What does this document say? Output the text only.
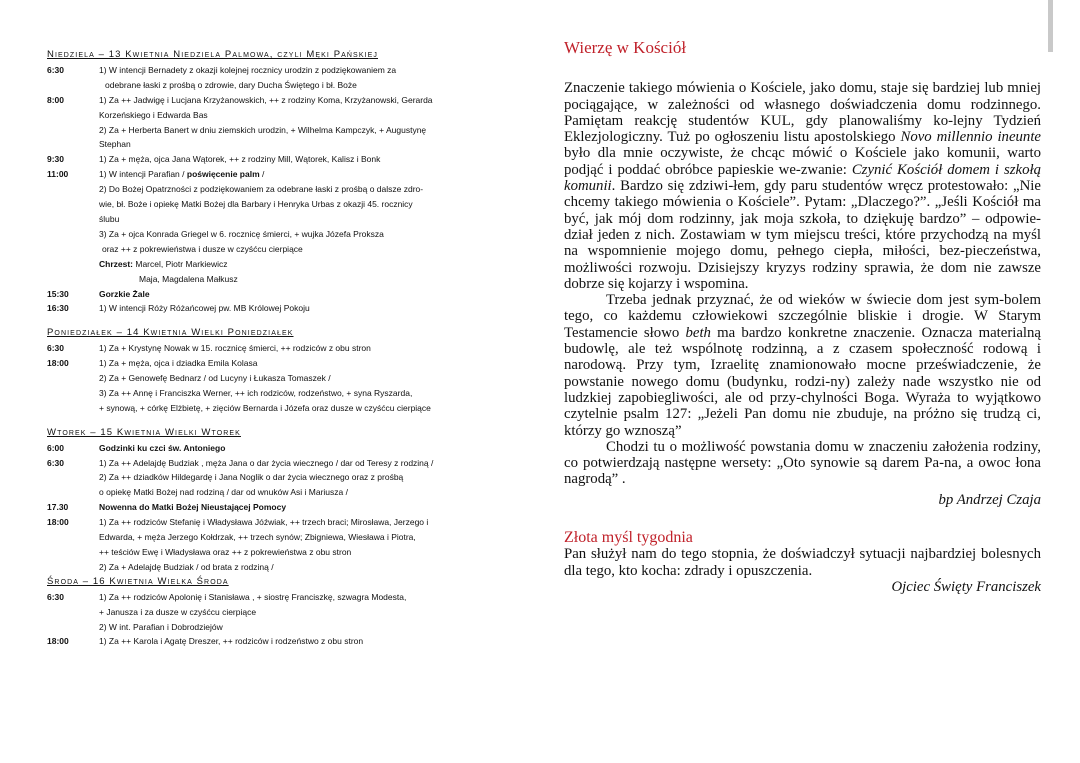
Niedziela – 13 Kwietnia Niedziela Palmowa, czyli Męki Pańskiej
6:30	1) W intencji Bernadety z okazji kolejnej rocznicy urodzin z podziękowaniem za
odebrane łaski z prośbą o zdrowie, dary Ducha Świętego i bł. Boże
8:00	1) Za ++ Jadwigę i Lucjana Krzyżanowskich, ++ z rodziny Koma, Krzyżanowski, Gerarda
Korzeńskiego i Edwarda Bas
2) Za + Herberta Banert w dniu ziemskich urodzin, + Wilhelma Kampczyk, + Augustynę
Stephan
9:30	1) Za + męża, ojca Jana Wątorek, ++ z rodziny Mill, Wątorek, Kalisz i Bonk
11:00	1) W intencji Parafian / poświęcenie palm /
2) Do Bożej Opatrzności z podziękowaniem za odebrane łaski z prośbą o dalsze zdro-
wie, bł. Boże i opiekę Matki Bożej dla Barbary i Henryka Urbas z okazji 45. rocznicy
ślubu
3) Za + ojca Konrada Griegel w 6. rocznicę śmierci, + wujka Józefa Proksza
oraz ++ z pokrewieństwa i dusze w czyśćcu cierpiące
Chrzest: Marcel, Piotr Markiewicz
Maja, Magdalena Małkusz
15:30	Gorzkie Żale
16:30	1) W intencji Róży Różańcowej pw. MB Królowej Pokoju
Poniedziałek – 14 Kwietnia Wielki Poniedziałek
6:30	1) Za + Krystynę Nowak w 15. rocznicę śmierci, ++ rodziców z obu stron
18:00	1) Za + męża, ojca i dziadka Emila Kolasa
2) Za + Genowefę Bednarz / od Lucyny i Łukasza Tomaszek /
3) Za ++ Annę i Franciszka Werner, ++ ich rodziców, rodzeństwo, + syna Ryszarda,
+ synową, + córkę Elżbietę, + zięciów Bernarda i Józefa oraz dusze w czyśćcu cierpiące
Wtorek – 15 Kwietnia Wielki Wtorek
6:00	Godzinki ku czci św. Antoniego
6:30	1) Za ++ Adelajdę Budziak , męża Jana o dar życia wiecznego / dar od Teresy z rodziną /
2) Za ++ dziadków Hildegardę i Jana Noglik o dar życia wiecznego oraz z prośbą
o opiekę Matki Bożej nad rodziną / dar od wnuków Asi i Mariusza /
17.30	Nowenna do Matki Bożej Nieustającej Pomocy
18:00	1) Za ++ rodziców Stefanię i Władysława Jóźwiak, ++ trzech braci; Mirosława, Jerzego i
Edwarda, + męża Jerzego Kołdrzak, ++ trzech synów; Zbigniewa, Wiesława i Piotra,
++ teściów Ewę i Władysława oraz ++ z pokrewieństwa z obu stron
2) Za + Adelajdę Budziak / od brata z rodziną /
Środa – 16 Kwietnia Wielka Środa
6:30	1) Za ++ rodziców Apolonię i Stanisława , + siostrę Franciszkę, szwagra Modesta,
+ Janusza i za dusze w czyśćcu cierpiące
2) W int. Parafian i Dobrodziejów
18:00	1) Za ++ Karola i Agatę Dreszer, ++ rodziców i rodzeństwo z obu stron
Wierzę w Kościół
Znaczenie takiego mówienia o Kościele, jako domu, staje się bardziej lub mniej pociągające, w zależności od własnego doświadczenia domu rodzinnego. Pamiętam reakcję studentów KUL, gdy planowaliśmy ko-lejny Tydzień Eklezjologiczny. Tuż po ogłoszeniu listu apostolskiego Novo millennio ineunte było dla mnie oczywiste, że chcąc mówić o Kościele jako komunii, warto podjąć i poddać obróbce papieskie we-zwanie: Czynić Kościół domem i szkołą komunii. Bardzo się zdziwi-łem, gdy paru studentów wręcz protestowało: „Nie chcemy takiego mówienia o Kościele”. Pytam: „Dlaczego?”. „Jeśli Kościół ma być, jak mój dom rodzinny, jak moja szkoła, to dziękuję bardzo” – odpowie-dział jeden z nich. Zostawiam w tym miejscu treści, które przychodzą na myśl na wspomnienie mojego domu, pełnego ciepła, miłości, bez-pieczeństwa, możliwości rozwoju. Dzisiejszy kryzys rodziny sprawia, że dom nie zawsze dobrze się kojarzy i wspomina.
Trzeba jednak przyznać, że od wieków w świecie dom jest sym-bolem tego, co każdemu człowiekowi szczególnie bliskie i drogie. W Starym Testamencie słowo beth ma bardzo konkretne znaczenie. Oznacza materialną budowlę, ale też wspólnotę rodzinną, a z czasem społeczność rodową i narodową. Przy tym, Izraelitę znamionowało mocne przeświadczenie, że powstanie nowego domu (budynku, rodzi-ny) zależy nade wszystko nie od ludzkiej zapobiegliwości, ale od przy-chylności Boga. Wyraża to wyjątkowo czytelnie psalm 127: „Jeżeli Pan domu nie zbuduje, na próżno się trudzą ci, którzy go wznoszą”
Chodzi tu o możliwość powstania domu w znaczeniu założenia rodziny, co potwierdzają następne wersety: „Oto synowie są darem Pa-na, a owoc łona nagrodą” .
bp Andrzej Czaja
Złota myśl tygodnia
Pan służył nam do tego stopnia, że doświadczył sytuacji najbardziej bolesnych dla tego, kto kocha: zdrady i opuszczenia.
Ojciec Święty Franciszek
